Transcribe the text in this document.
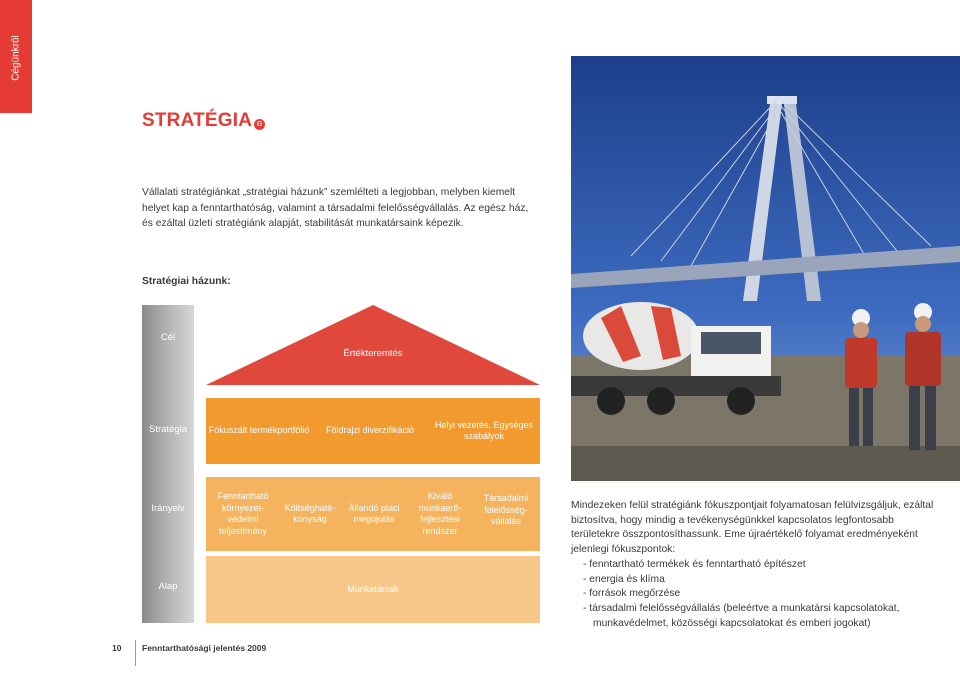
Cégünkről
STRATÉGIA G
Vállalati stratégiánkat „stratégiai házunk” szemlélteti a legjobban, melyben kiemelt helyet kap a fenntarthatóság, valamint a társadalmi felelősségvállalás. Az egész ház, és ezáltal üzleti stratégiánk alapját, stabilitását munkatársaink képezik.
Stratégiai házunk:
Cél
Stratégia
Irányelv
Alap
Értékteremtés
Fókuszált termékportfólió Földrajzi diverzifikáció
Helyi vezetés, Egységes szabályok
Fenntartható környezet-védelmi teljesítmény
Költséghaté-konyság
Állandó piaci megújulás
Kiváló munkaerő-fejlesztési rendszer
Társadalmi felelősség-vállalás
Munkatársak

Mindezeken felül stratégiánk fókuszpontjait folyamatosan felülvizsgáljuk, ezáltal biztosítva, hogy mindig a tevékenységünkkel kapcsolatos legfontosabb területekre összpontosíthassunk. Eme újraértékelő folyamat eredményeként jelenlegi fókuszpontok:

- fenntartható termékek és fenntartható építészet
- energia és klíma
- források megőrzése
- társadalmi felelősségvállalás (beleértve a munkatársi kapcsolatokat, munkavédelmet, közösségi kapcsolatokat és emberi jogokat)
10 Fenntarthatósági jelentés 2009
